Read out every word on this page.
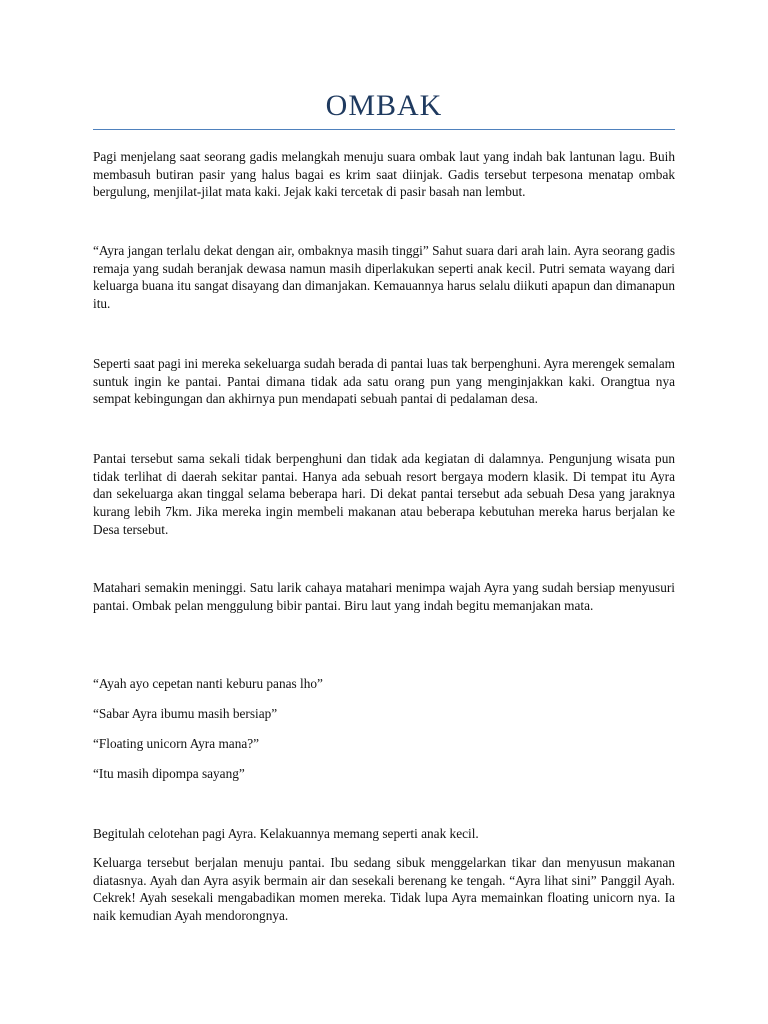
OMBAK

Pagi menjelang saat seorang gadis melangkah menuju suara ombak laut yang indah bak lantunan lagu. Buih membasuh butiran pasir yang halus bagai es krim saat diinjak. Gadis tersebut terpesona menatap ombak bergulung, menjilat-jilat mata kaki. Jejak kaki tercetak di pasir basah nan lembut.

“Ayra jangan terlalu dekat dengan air, ombaknya masih tinggi” Sahut suara dari arah lain. Ayra seorang gadis remaja yang sudah beranjak dewasa namun masih diperlakukan seperti anak kecil. Putri semata wayang dari keluarga buana itu sangat disayang dan dimanjakan. Kemauannya harus selalu diikuti apapun dan dimanapun itu.

Seperti saat pagi ini mereka sekeluarga sudah berada di pantai luas tak berpenghuni. Ayra merengek semalam suntuk ingin ke pantai. Pantai dimana tidak ada satu orang pun yang menginjakkan kaki. Orangtua nya sempat kebingungan dan akhirnya pun mendapati sebuah pantai di pedalaman desa.

Pantai tersebut sama sekali tidak berpenghuni dan tidak ada kegiatan di dalamnya. Pengunjung wisata pun tidak terlihat di daerah sekitar pantai. Hanya ada sebuah resort bergaya modern klasik. Di tempat itu Ayra dan sekeluarga akan tinggal selama beberapa hari. Di dekat pantai tersebut ada sebuah Desa yang jaraknya kurang lebih 7km. Jika mereka ingin membeli makanan atau beberapa kebutuhan mereka harus berjalan ke Desa tersebut.

Matahari semakin meninggi. Satu larik cahaya matahari menimpa wajah Ayra yang sudah bersiap menyusuri pantai. Ombak pelan menggulung bibir pantai. Biru laut yang indah begitu memanjakan mata.

“Ayah ayo cepetan nanti keburu panas lho”

“Sabar Ayra ibumu masih bersiap”

“Floating unicorn Ayra mana?”

“Itu masih dipompa sayang”

Begitulah celotehan pagi Ayra. Kelakuannya memang seperti anak kecil.

Keluarga tersebut berjalan menuju pantai. Ibu sedang sibuk menggelarkan tikar dan menyusun makanan diatasnya. Ayah dan Ayra asyik bermain air dan sesekali berenang ke tengah. “Ayra lihat sini” Panggil Ayah. Cekrek! Ayah sesekali mengabadikan momen mereka. Tidak lupa Ayra memainkan floating unicorn nya. Ia naik kemudian Ayah mendorongnya.
